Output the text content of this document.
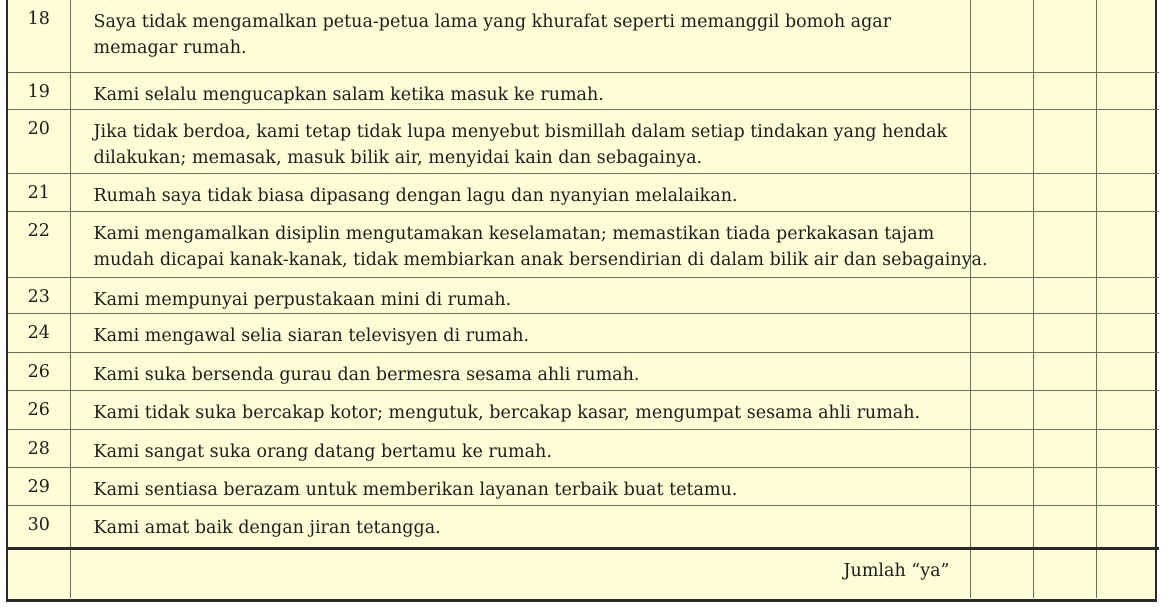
18	Saya tidak mengamalkan petua-petua lama yang khurafat seperti memanggil bomoh agar
memagar rumah.			
19	Kami selalu mengucapkan salam ketika masuk ke rumah.			
20	Jika tidak berdoa, kami tetap tidak lupa menyebut bismillah dalam setiap tindakan yang hendak
dilakukan; memasak, masuk bilik air, menyidai kain dan sebagainya.			
21	Rumah saya tidak biasa dipasang dengan lagu dan nyanyian melalaikan.			
22	Kami mengamalkan disiplin mengutamakan keselamatan; memastikan tiada perkakasan tajam
mudah dicapai kanak-kanak, tidak membiarkan anak bersendirian di dalam bilik air dan sebagainya.			
23	Kami mempunyai perpustakaan mini di rumah.			
24	Kami mengawal selia siaran televisyen di rumah.			
26	Kami suka bersenda gurau dan bermesra sesama ahli rumah.			
26	Kami tidak suka bercakap kotor; mengutuk, bercakap kasar, mengumpat sesama ahli rumah.			
28	Kami sangat suka orang datang bertamu ke rumah.			
29	Kami sentiasa berazam untuk memberikan layanan terbaik buat tetamu.			
30	Kami amat baik dengan jiran tetangga.			
	Jumlah “ya”			
